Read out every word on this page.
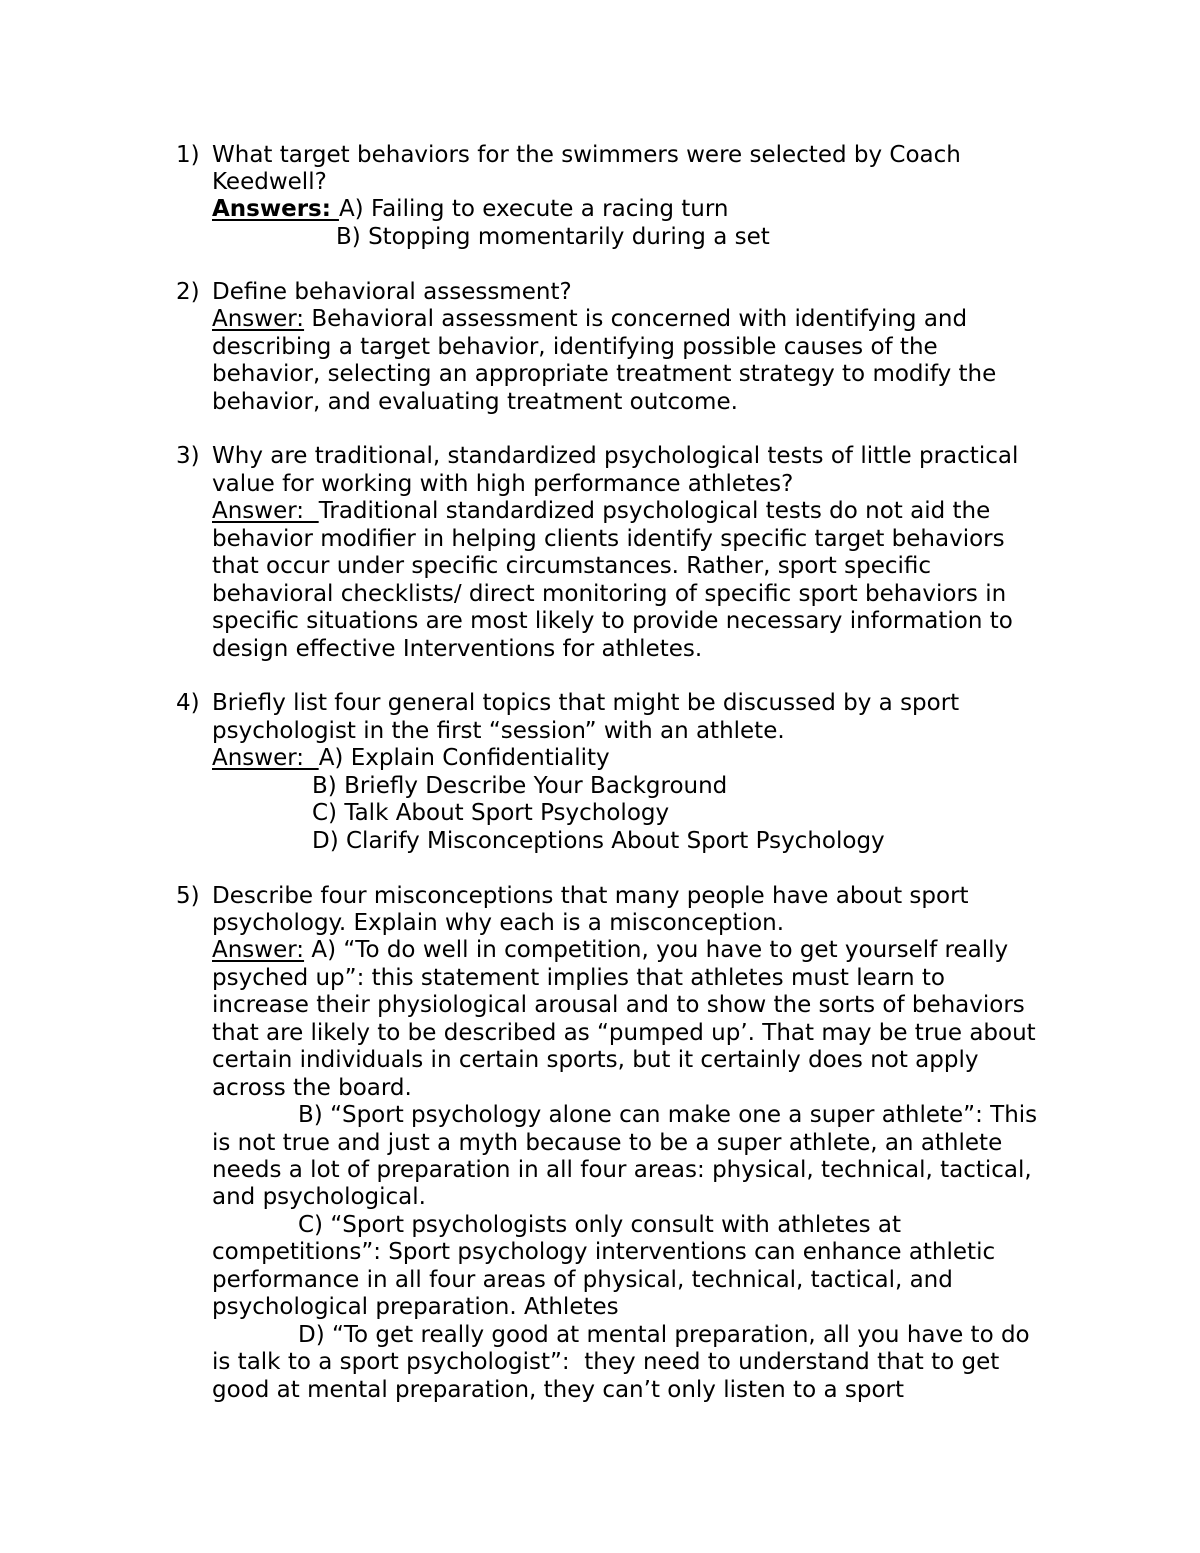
1) What target behaviors for the swimmers were selected by Coach
Keedwell?
Answers: A) Failing to execute a racing turn
B) Stopping momentarily during a set
2) Define behavioral assessment?
Answer: Behavioral assessment is concerned with identifying and
describing a target behavior, identifying possible causes of the
behavior, selecting an appropriate treatment strategy to modify the
behavior, and evaluating treatment outcome.
3) Why are traditional, standardized psychological tests of little practical
value for working with high performance athletes?
Answer:  Traditional standardized psychological tests do not aid the
behavior modifier in helping clients identify specific target behaviors
that occur under specific circumstances. Rather, sport specific
behavioral checklists/ direct monitoring of specific sport behaviors in
specific situations are most likely to provide necessary information to
design effective Interventions for athletes.
4) Briefly list four general topics that might be discussed by a sport
psychologist in the first “session” with an athlete.
Answer:  A) Explain Confidentiality
B) Briefly Describe Your Background
C) Talk About Sport Psychology
D) Clarify Misconceptions About Sport Psychology
5) Describe four misconceptions that many people have about sport
psychology. Explain why each is a misconception.
Answer: A) “To do well in competition, you have to get yourself really
psyched up”: this statement implies that athletes must learn to
increase their physiological arousal and to show the sorts of behaviors
that are likely to be described as “pumped up’. That may be true about
certain individuals in certain sports, but it certainly does not apply
across the board.
B) “Sport psychology alone can make one a super athlete”: This
is not true and just a myth because to be a super athlete, an athlete
needs a lot of preparation in all four areas: physical, technical, tactical,
and psychological.
C) “Sport psychologists only consult with athletes at
competitions”: Sport psychology interventions can enhance athletic
performance in all four areas of physical, technical, tactical, and
psychological preparation. Athletes
D) “To get really good at mental preparation, all you have to do
is talk to a sport psychologist”:  they need to understand that to get
good at mental preparation, they can’t only listen to a sport
